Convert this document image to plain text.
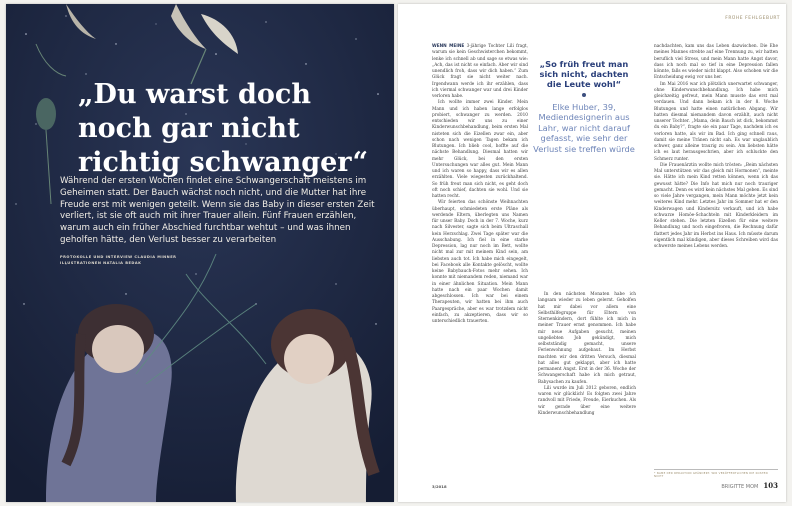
„Du warst doch noch gar nicht richtig schwanger“
Während der ersten Wochen findet eine Schwangerschaft meistens im Geheimen statt. Der Bauch wächst noch nicht, und die Mutter hat ihre Freude erst mit wenigen geteilt. Wenn sie das Baby in dieser ersten Zeit verliert, ist sie oft auch mit ihrer Trauer allein. Fünf Frauen erzählen, warum auch ein früher Abschied furchtbar wehtut – und was ihnen geholfen hätte, den Verlust besser zu verarbeiten
PROTOKOLLE UND INTERVIEW CLAUDIA MINNER
ILLUSTRATIONEN NATALIA BEDAK
FRÜHE FEHLGEBURT

WENN MEINE 3-jährige Tochter Lili fragt, warum sie kein Geschwisterchen bekommt, lenke ich schnell ab und sage so etwas wie: „Ach, das ist nicht so einfach. Aber wir sind unendlich froh, dass wir dich haben.“ Zum Glück fragt sie nicht weiter nach. Irgendwann werde ich ihr erzählen, dass ich viermal schwanger war und drei Kinder verloren habe.

Ich wollte immer zwei Kinder. Mein Mann und ich haben lange erfolglos probiert, schwanger zu werden. 2010 entschieden wir uns zu einer Kinderwunschbehandlung, beim ersten Mal nisteten sich die Eizellen zwar ein, aber schon nach wenigen Tagen bekam ich Blutungen. Ich blieb cool, hoffte auf die nächste Behandlung. Diesmal hatten wir mehr Glück, bei den ersten Untersuchungen war alles gut. Mein Mann und ich waren so happy, dass wir es allen erzählten. Viele wiegesten zurückhaltend. So früh freut man sich nicht, es geht doch oft noch schief, dachten sie wohl. Und sie hatten recht.

Wir feierten das schönste Weihnachten überhaupt, schmiedeten erste Pläne als werdende Eltern, überlegten uns Namen für unser Baby. Doch in der 7. Woche, kurz nach Silvester, sagte sich beim Ultraschall kein Herzschlag. Zwei Tage später war die Ausschabung. Ich fiel in eine starke Depression, lag nur noch im Bett, wollte nicht mal zur mit meinem Kind sein, am liebsten auch tot. Ich habe mich eingegelt, bei Facebook alle Kontakte gelöscht, wollte keine Babybauch-Fotos mehr sehen. Ich konnte mit niemandem reden, niemand war in einer ähnlichen Situation. Mein Mann hatte nach ein paar Wochen damit abgeschlossen. Ich war bei einem Therapeuten, wir hatten bei ihm auch Paargespräche, aber es war trotzdem nicht einfach, zu akzeptieren, dass wir so unterschiedlich trauerten.

„So früh freut man sich nicht, dachten die Leute wohl“
Elke Huber, 39, Mediendesignerin aus Lahr, war nicht darauf gefasst, wie sehr der Verlust sie treffen würde

In den nächsten Monaten habe ich langsam wieder zu leben gelernt. Geholfen hat mir dabei vor allem eine Selbsthilfegruppe für Eltern von Sternenkindern, dort fühlte ich mich in meiner Trauer ernst genommen. Ich habe mir neue Aufgaben gesucht, meinen ungeliebten Job gekündigt, mich selbstständig gemacht, unsere Ferienwohnung aufgebaut. Im Herbst machten wir den dritten Versuch, diesmal hat alles gut geklappt, aber ich hatte permanent Angst. Erst in der 36. Woche der Schwangerschaft habe ich mich getraut, Babysachen zu kaufen.

Lili wurde im Juli 2012 geboren, endlich waren wir glücklich! Es folgten zwei Jahre randvoll mit Friede, Freude, Eierkuchen. Als wir gerade über eine weitere Kinderwunschbehandlung

nachdachten, kam uns das Leben dazwischen. Die Ehe meines Mannes strebte auf eine Trennung zu, wir hatten beruflich viel Stress, und mein Mann hatte Angst davor, dass ich noch mal so tief in eine Depression fallen könnte, falls es wieder nicht klappt. Also schoben wir die Entscheidung ewig vor uns her.

Im Mai 2016 war ich plötzlich unerwartet schwanger, ohne Kinderwunschbehandlung. Ich habe mich gleichzeitig gefreut, mein Mann musste das erst mal verdauen. Und dann bekam ich in der 8. Woche Blutungen und hatte einen natürlichen Abgang. Wir hatten diesmal niemandem davon erzählt, auch nicht unserer Tochter. „Mama, dein Bauch ist dick, bekommst du ein Baby?“, fragte sie ein paar Tage, nachdem ich es verloren hatte, als wir im Bad. Ich ging schnell raus, damit sie meine Tränen nicht sah. Es war unglaublich schwer, ganz alleine traurig zu sein. Am liebsten hätte ich es laut herausgeschrien, aber ich schluckte den Schmerz runter.

Die Frauenärztin wollte mich trösten: „Beim nächsten Mal unterstützen wir das gleich mit Hormonen“, meinte sie. Hätte ich mein Kind retten können, wenn ich das gewusst hätte? Die Info hat mich nur noch trauriger gemacht. Denn es wird kein nächstes Mal geben. Es sind so viele Jahre vergangen, mein Mann möchte jetzt kein weiteres Kind mehr. Letztes Jahr im Sommer hat er den Kinderwagen und Kindersitz verkauft, und ich habe schwarze Homöe-Schachteln mit Kinderkleidern im Keller stehen. Die letzten Eizellen für eine weitere Behandlung und noch eingefroren, die Rechnung dafür flattert jedes Jahr im Herbst ins Haus. Ich müsste darum eigentlich mal kündigen, aber dieses Schreiben wird das schwerste meines Lebens werden.

* NAME DER REDAKTION GEÄNDERT. WIR VERÖFFENTLICHEN DIE KOSTEN NICHT
3/2018	BRIGITTE MOM 103
